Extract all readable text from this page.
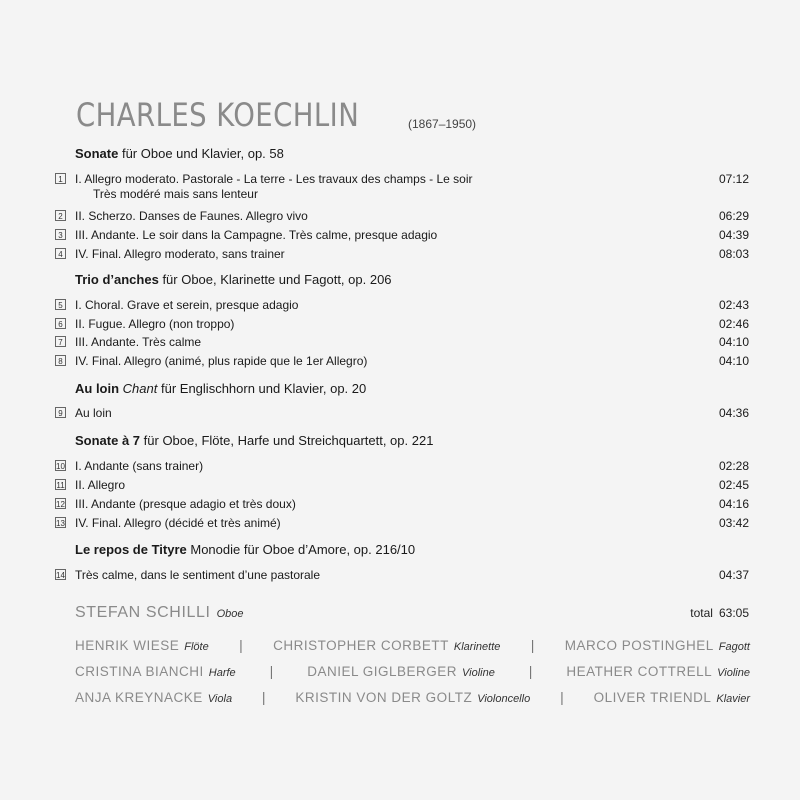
CHARLES KOECHLIN	(1867–1950)
Sonate für Oboe und Klavier, op. 58
1 I. Allegro moderato. Pastorale - La terre - Les travaux des champs - Le soir
Très modéré mais sans lenteur
07:12
2 II. Scherzo. Danses de Faunes. Allegro vivo	06:29
3 III. Andante. Le soir dans la Campagne. Très calme, presque adagio	04:39
4 IV. Final. Allegro moderato, sans trainer	08:03
Trio d’anches für Oboe, Klarinette und Fagott, op. 206
5 I. Choral. Grave et serein, presque adagio	02:43
6 II. Fugue. Allegro (non troppo)	02:46
7 III. Andante. Très calme	04:10
8 IV. Final. Allegro (animé, plus rapide que le 1er Allegro)	04:10
Au loin Chant für Englischhorn und Klavier, op. 20
9 Au loin	04:36
Sonate à 7 für Oboe, Flöte, Harfe und Streichquartett, op. 221
10 I. Andante (sans trainer)	02:28
11 II. Allegro	02:45
12 III. Andante (presque adagio et très doux)	04:16
13 IV. Final. Allegro (décidé et très animé)	03:42
Le repos de Tityre Monodie für Oboe d’Amore, op. 216/10
14 Très calme, dans le sentiment d’une pastorale	04:37
STEFAN SCHILLI Oboe	total 63:05
HENRIK WIESE Flöte | CHRISTOPHER CORBETT Klarinette | MARCO POSTINGHEL Fagott
CRISTINA BIANCHI Harfe |	DANIEL GIGLBERGER Violine |	HEATHER COTTRELL Violine
ANJA KREYNACKE Viola | KRISTIN VON DER GOLTZ Violoncello | OLIVER TRIENDL Klavier
